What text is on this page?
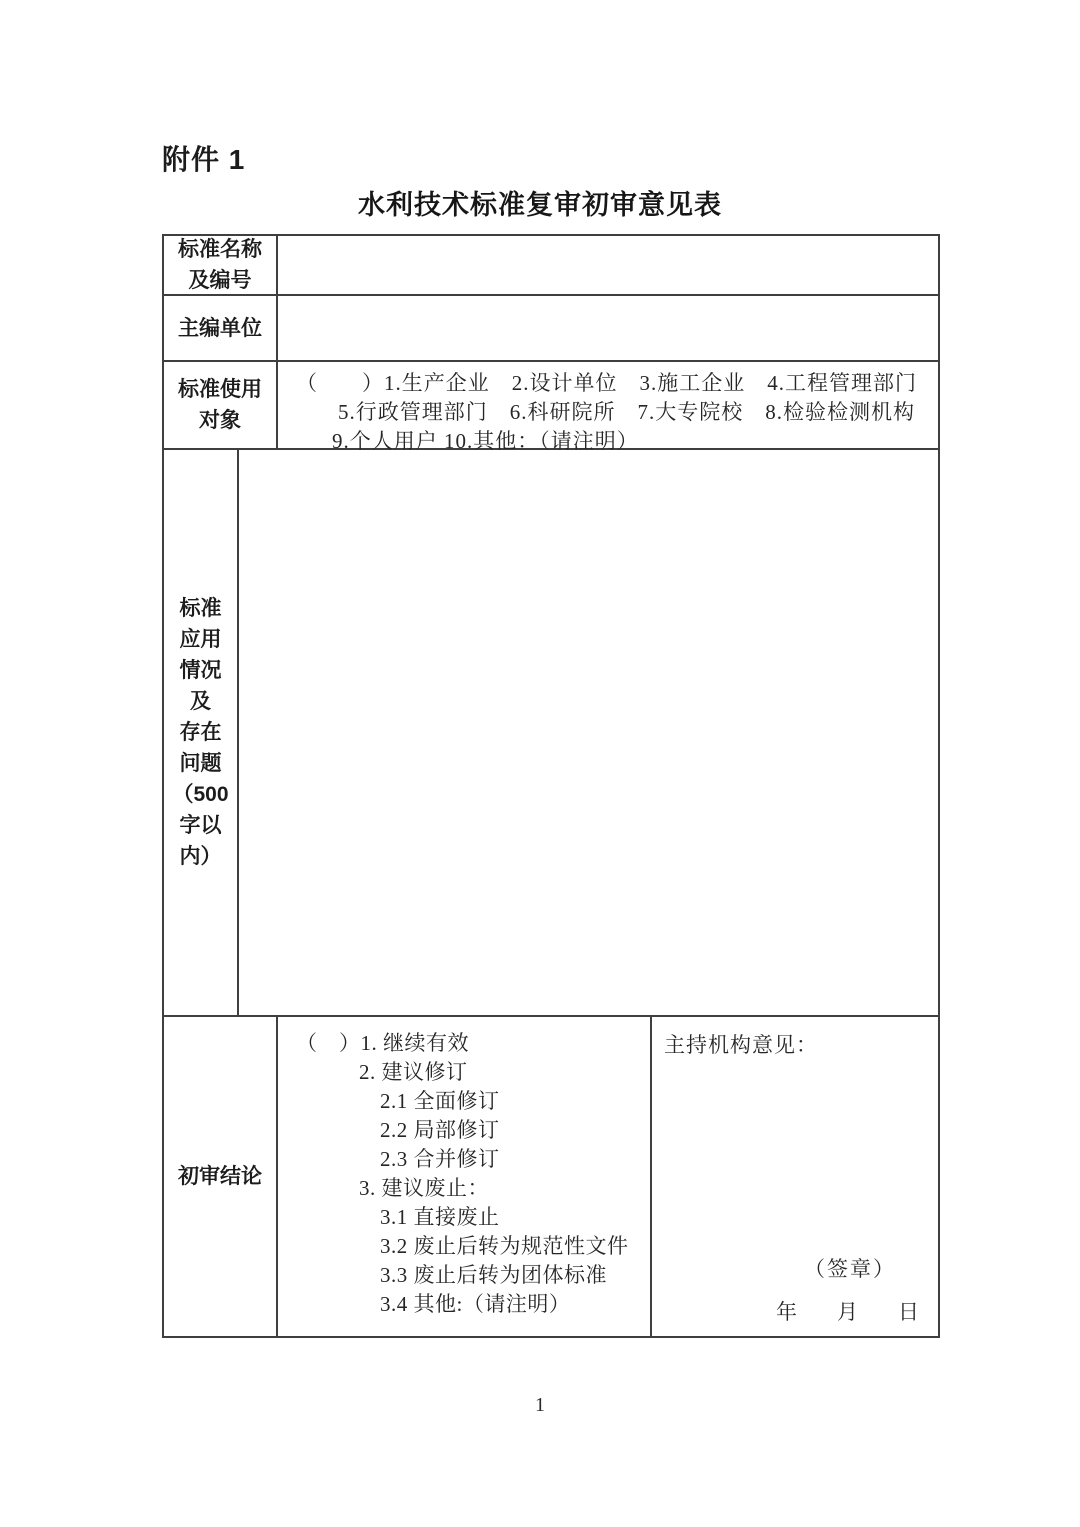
附件 1
水利技术标准复审初审意见表
标准名称
及编号
主编单位
标准使用
对象
（　　）1.生产企业　2.设计单位　3.施工企业　4.工程管理部门
5.行政管理部门　6.科研院所　7.大专院校　8.检验检测机构
9.个人用户 10.其他：（请注明）
标准
应用
情况
及
存在
问题
（500
字以
内）
初审结论
（　）1. 继续有效
2. 建议修订
2.1 全面修订
2.2 局部修订
2.3 合并修订
3. 建议废止：
3.1 直接废止
3.2 废止后转为规范性文件
3.3 废止后转为团体标准
3.4 其他:（请注明）
主持机构意见：
（签章）
年 月 日
1
